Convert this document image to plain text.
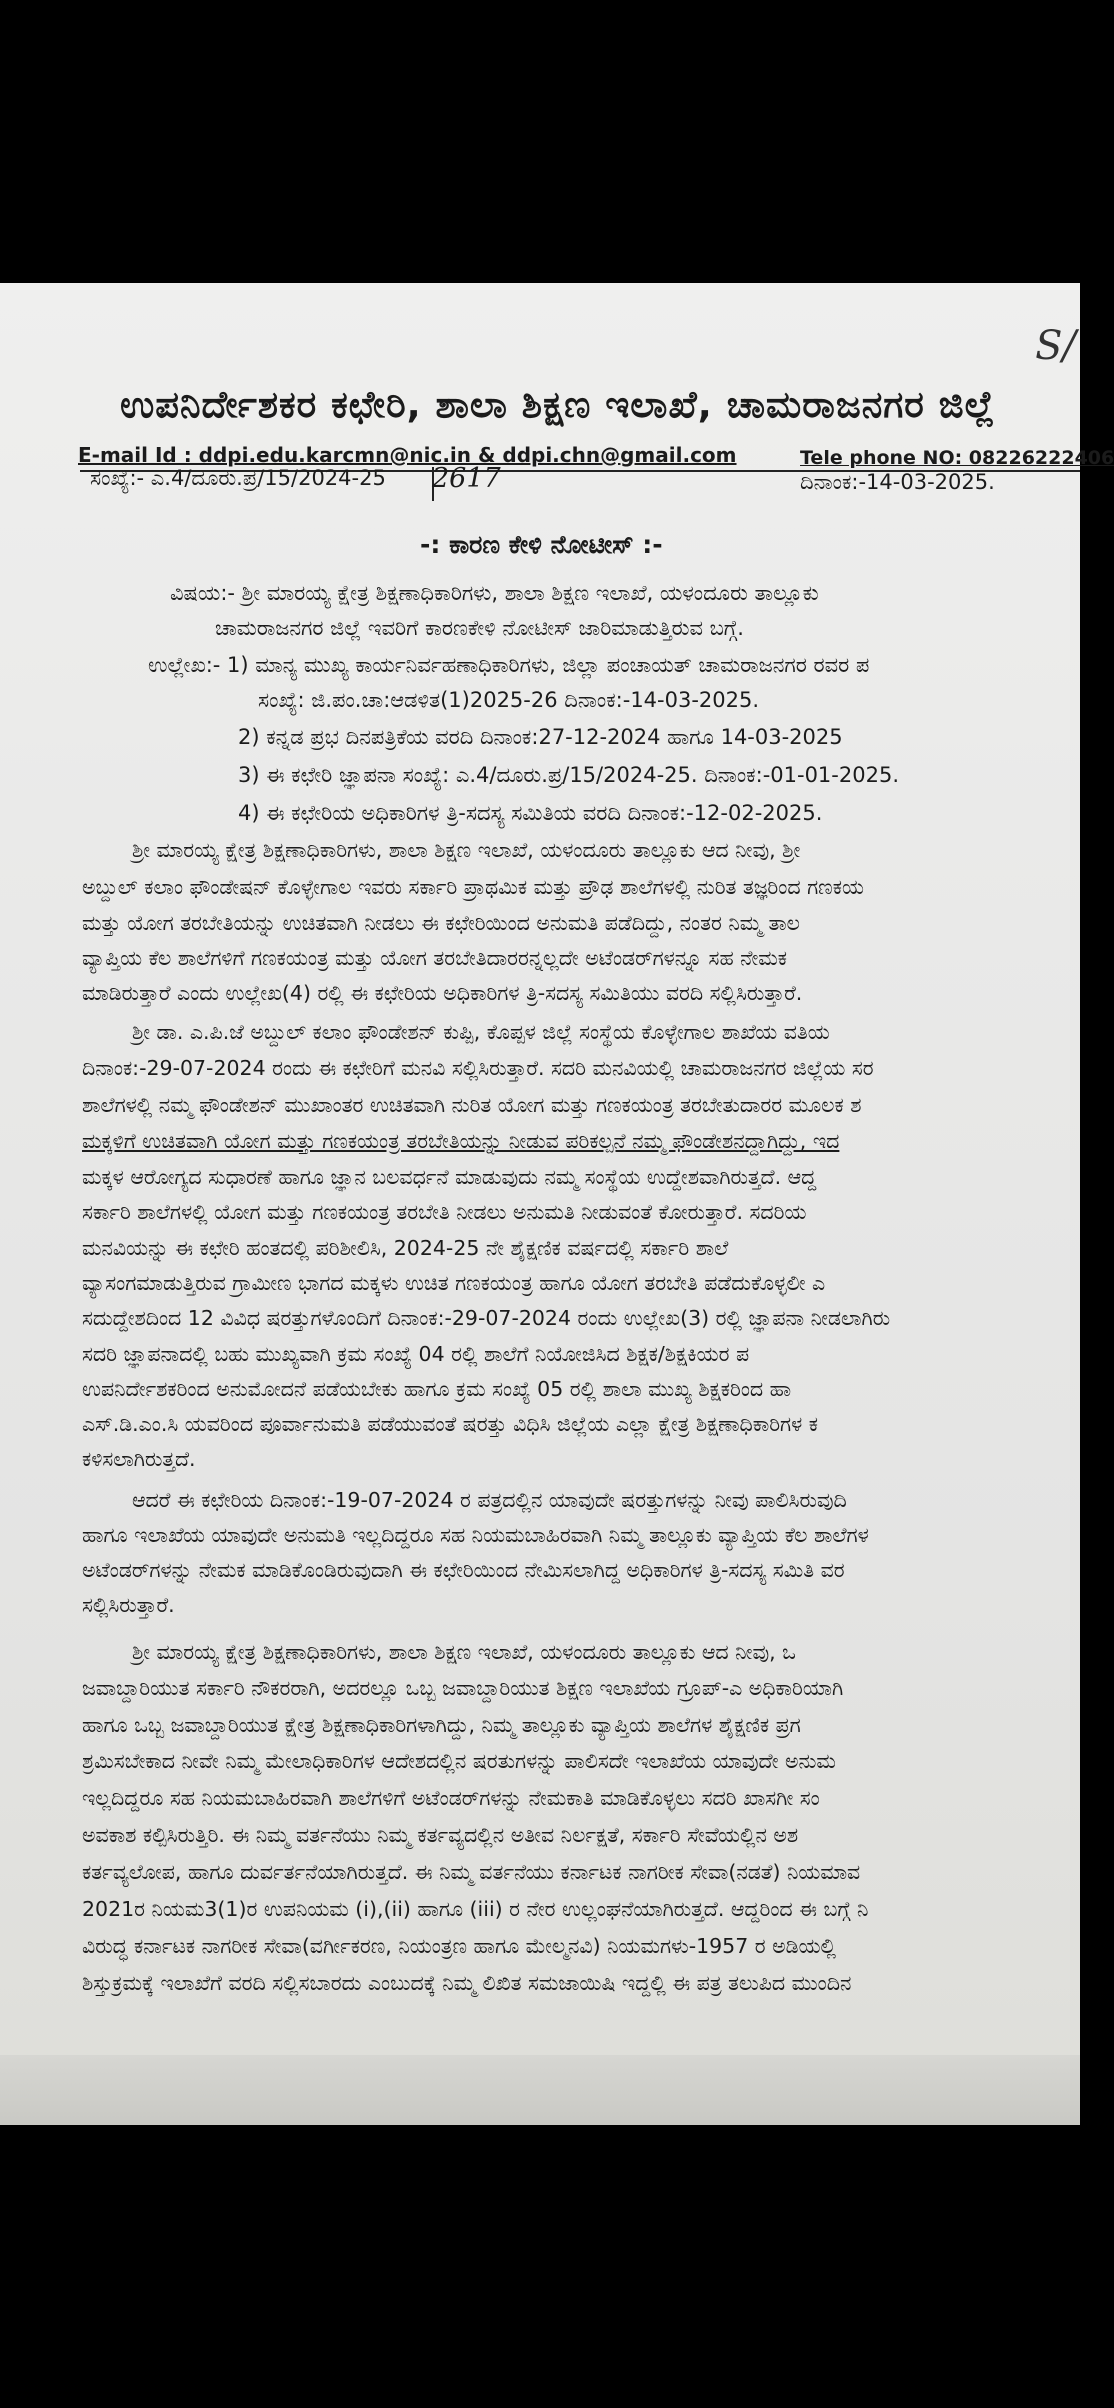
S/
ಉಪನಿರ್ದೇಶಕರ ಕಛೇರಿ, ಶಾಲಾ ಶಿಕ್ಷಣ ಇಲಾಖೆ, ಚಾಮರಾಜನಗರ ಜಿಲ್ಲೆ
E-mail Id : ddpi.edu.karcmn@nic.in & ddpi.chn@gmail.com	Tele phone NO: 08226222406
ಸಂಖ್ಯೆ:- ಎ.4/ದೂರು.ಪ್ರ/15/2024-25 2617	ದಿನಾಂಕ:-14-03-2025.
-: ಕಾರಣ ಕೇಳಿ ನೋಟೀಸ್ :-
ವಿಷಯ:- ಶ್ರೀ ಮಾರಯ್ಯ ಕ್ಷೇತ್ರ ಶಿಕ್ಷಣಾಧಿಕಾರಿಗಳು, ಶಾಲಾ ಶಿಕ್ಷಣ ಇಲಾಖೆ, ಯಳಂದೂರು ತಾಲ್ಲೂಕು
ಚಾಮರಾಜನಗರ ಜಿಲ್ಲೆ ಇವರಿಗೆ ಕಾರಣಕೇಳಿ ನೋಟೀಸ್ ಜಾರಿಮಾಡುತ್ತಿರುವ ಬಗ್ಗೆ.
ಉಲ್ಲೇಖ:- 1) ಮಾನ್ಯ ಮುಖ್ಯ ಕಾರ್ಯನಿರ್ವಹಣಾಧಿಕಾರಿಗಳು, ಜಿಲ್ಲಾ ಪಂಚಾಯತ್ ಚಾಮರಾಜನಗರ ರವರ ಪ
ಸಂಖ್ಯೆ: ಜಿ.ಪಂ.ಚಾ:ಆಡಳಿತ(1)2025-26 ದಿನಾಂಕ:-14-03-2025.
2) ಕನ್ನಡ ಪ್ರಭ ದಿನಪತ್ರಿಕೆಯ ವರದಿ ದಿನಾಂಕ:27-12-2024 ಹಾಗೂ 14-03-2025
3) ಈ ಕಛೇರಿ ಜ್ಞಾಪನಾ ಸಂಖ್ಯೆ: ಎ.4/ದೂರು.ಪ್ರ/15/2024-25. ದಿನಾಂಕ:-01-01-2025.
4) ಈ ಕಛೇರಿಯ ಅಧಿಕಾರಿಗಳ ತ್ರಿ-ಸದಸ್ಯ ಸಮಿತಿಯ ವರದಿ ದಿನಾಂಕ:-12-02-2025.
ಶ್ರೀ ಮಾರಯ್ಯ ಕ್ಷೇತ್ರ ಶಿಕ್ಷಣಾಧಿಕಾರಿಗಳು, ಶಾಲಾ ಶಿಕ್ಷಣ ಇಲಾಖೆ, ಯಳಂದೂರು ತಾಲ್ಲೂಕು ಆದ ನೀವು, ಶ್ರೀ
ಅಬ್ದುಲ್ ಕಲಾಂ ಫೌಂಡೇಷನ್ ಕೊಳ್ಳೇಗಾಲ ಇವರು ಸರ್ಕಾರಿ ಪ್ರಾಥಮಿಕ ಮತ್ತು ಪ್ರೌಢ ಶಾಲೆಗಳಲ್ಲಿ ನುರಿತ ತಜ್ಞರಿಂದ ಗಣಕಯ
ಮತ್ತು ಯೋಗ ತರಬೇತಿಯನ್ನು ಉಚಿತವಾಗಿ ನೀಡಲು ಈ ಕಛೇರಿಯಿಂದ ಅನುಮತಿ ಪಡೆದಿದ್ದು, ನಂತರ ನಿಮ್ಮ ತಾಲ
ವ್ಯಾಪ್ತಿಯ ಕೆಲ ಶಾಲೆಗಳಿಗೆ ಗಣಕಯಂತ್ರ ಮತ್ತು ಯೋಗ ತರಬೇತಿದಾರರನ್ನಲ್ಲದೇ ಅಟೆಂಡರ್‌ಗಳನ್ನೂ ಸಹ ನೇಮಕ
ಮಾಡಿರುತ್ತಾರೆ ಎಂದು ಉಲ್ಲೇಖ(4) ರಲ್ಲಿ ಈ ಕಛೇರಿಯ ಅಧಿಕಾರಿಗಳ ತ್ರಿ-ಸದಸ್ಯ ಸಮಿತಿಯು ವರದಿ ಸಲ್ಲಿಸಿರುತ್ತಾರೆ.
ಶ್ರೀ ಡಾ. ಎ.ಪಿ.ಜೆ ಅಬ್ದುಲ್ ಕಲಾಂ ಫೌಂಡೇಶನ್ ಕುಪ್ಪಿ, ಕೊಪ್ಪಳ ಜಿಲ್ಲೆ ಸಂಸ್ಥೆಯ ಕೊಳ್ಳೇಗಾಲ ಶಾಖೆಯ ವತಿಯ
ದಿನಾಂಕ:-29-07-2024 ರಂದು ಈ ಕಛೇರಿಗೆ ಮನವಿ ಸಲ್ಲಿಸಿರುತ್ತಾರೆ. ಸದರಿ ಮನವಿಯಲ್ಲಿ ಚಾಮರಾಜನಗರ ಜಿಲ್ಲೆಯ ಸರ
ಶಾಲೆಗಳಲ್ಲಿ ನಮ್ಮ ಫೌಂಡೇಶನ್ ಮುಖಾಂತರ ಉಚಿತವಾಗಿ ನುರಿತ ಯೋಗ ಮತ್ತು ಗಣಕಯಂತ್ರ ತರಬೇತುದಾರರ ಮೂಲಕ ಶ
ಮಕ್ಕಳಿಗೆ ಉಚಿತವಾಗಿ ಯೋಗ ಮತ್ತು ಗಣಕಯಂತ್ರ ತರಬೇತಿಯನ್ನು ನೀಡುವ ಪರಿಕಲ್ಪನೆ ನಮ್ಮ ಫೌಂಡೇಶನದ್ದಾಗಿದ್ದು, ಇದ
ಮಕ್ಕಳ ಆರೋಗ್ಯದ ಸುಧಾರಣೆ ಹಾಗೂ ಜ್ಞಾನ ಬಲವರ್ಧನೆ ಮಾಡುವುದು ನಮ್ಮ ಸಂಸ್ಥೆಯ ಉದ್ದೇಶವಾಗಿರುತ್ತದೆ. ಆದ್ದ
ಸರ್ಕಾರಿ ಶಾಲೆಗಳಲ್ಲಿ ಯೋಗ ಮತ್ತು ಗಣಕಯಂತ್ರ ತರಬೇತಿ ನೀಡಲು ಅನುಮತಿ ನೀಡುವಂತೆ ಕೋರುತ್ತಾರೆ. ಸದರಿಯ
ಮನವಿಯನ್ನು ಈ ಕಛೇರಿ ಹಂತದಲ್ಲಿ ಪರಿಶೀಲಿಸಿ, 2024-25 ನೇ ಶೈಕ್ಷಣಿಕ ವರ್ಷದಲ್ಲಿ ಸರ್ಕಾರಿ ಶಾಲೆ
ವ್ಯಾಸಂಗಮಾಡುತ್ತಿರುವ ಗ್ರಾಮೀಣ ಭಾಗದ ಮಕ್ಕಳು ಉಚಿತ ಗಣಕಯಂತ್ರ ಹಾಗೂ ಯೋಗ ತರಬೇತಿ ಪಡೆದುಕೊಳ್ಳಲೀ ಎ
ಸದುದ್ದೇಶದಿಂದ 12 ವಿವಿಧ ಷರತ್ತುಗಳೊಂದಿಗೆ ದಿನಾಂಕ:-29-07-2024 ರಂದು ಉಲ್ಲೇಖ(3) ರಲ್ಲಿ ಜ್ಞಾಪನಾ ನೀಡಲಾಗಿರು
ಸದರಿ ಜ್ಞಾಪನಾದಲ್ಲಿ ಬಹು ಮುಖ್ಯವಾಗಿ ಕ್ರಮ ಸಂಖ್ಯೆ 04 ರಲ್ಲಿ ಶಾಲೆಗೆ ನಿಯೋಜಿಸಿದ ಶಿಕ್ಷಕ/ಶಿಕ್ಷಕಿಯರ ಪ
ಉಪನಿರ್ದೇಶಕರಿಂದ ಅನುಮೋದನೆ ಪಡೆಯಬೇಕು ಹಾಗೂ ಕ್ರಮ ಸಂಖ್ಯೆ 05 ರಲ್ಲಿ ಶಾಲಾ ಮುಖ್ಯ ಶಿಕ್ಷಕರಿಂದ ಹಾ
ಎಸ್.ಡಿ.ಎಂ.ಸಿ ಯವರಿಂದ ಪೂರ್ವಾನುಮತಿ ಪಡೆಯುವಂತೆ ಷರತ್ತು ವಿಧಿಸಿ ಜಿಲ್ಲೆಯ ಎಲ್ಲಾ ಕ್ಷೇತ್ರ ಶಿಕ್ಷಣಾಧಿಕಾರಿಗಳ ಕ
ಕಳಿಸಲಾಗಿರುತ್ತದೆ.
ಆದರೆ ಈ ಕಛೇರಿಯ ದಿನಾಂಕ:-19-07-2024 ರ ಪತ್ರದಲ್ಲಿನ ಯಾವುದೇ ಷರತ್ತುಗಳನ್ನು ನೀವು ಪಾಲಿಸಿರುವುದಿ
ಹಾಗೂ ಇಲಾಖೆಯ ಯಾವುದೇ ಅನುಮತಿ ಇಲ್ಲದಿದ್ದರೂ ಸಹ ನಿಯಮಬಾಹಿರವಾಗಿ ನಿಮ್ಮ ತಾಲ್ಲೂಕು ವ್ಯಾಪ್ತಿಯ ಕೆಲ ಶಾಲೆಗಳ
ಅಟೆಂಡರ್‌ಗಳನ್ನು ನೇಮಕ ಮಾಡಿಕೊಂಡಿರುವುದಾಗಿ ಈ ಕಛೇರಿಯಿಂದ ನೇಮಿಸಲಾಗಿದ್ದ ಅಧಿಕಾರಿಗಳ ತ್ರಿ-ಸದಸ್ಯ ಸಮಿತಿ ವರ
ಸಲ್ಲಿಸಿರುತ್ತಾರೆ.
ಶ್ರೀ ಮಾರಯ್ಯ ಕ್ಷೇತ್ರ ಶಿಕ್ಷಣಾಧಿಕಾರಿಗಳು, ಶಾಲಾ ಶಿಕ್ಷಣ ಇಲಾಖೆ, ಯಳಂದೂರು ತಾಲ್ಲೂಕು ಆದ ನೀವು, ಒ
ಜವಾಬ್ದಾರಿಯುತ ಸರ್ಕಾರಿ ನೌಕರರಾಗಿ, ಅದರಲ್ಲೂ ಒಬ್ಬ ಜವಾಬ್ದಾರಿಯುತ ಶಿಕ್ಷಣ ಇಲಾಖೆಯ ಗ್ರೂಪ್-ಎ ಅಧಿಕಾರಿಯಾಗಿ
ಹಾಗೂ ಒಬ್ಬ ಜವಾಬ್ದಾರಿಯುತ ಕ್ಷೇತ್ರ ಶಿಕ್ಷಣಾಧಿಕಾರಿಗಳಾಗಿದ್ದು, ನಿಮ್ಮ ತಾಲ್ಲೂಕು ವ್ಯಾಪ್ತಿಯ ಶಾಲೆಗಳ ಶೈಕ್ಷಣಿಕ ಪ್ರಗ
ಶ್ರಮಿಸಬೇಕಾದ ನೀವೇ ನಿಮ್ಮ ಮೇಲಾಧಿಕಾರಿಗಳ ಆದೇಶದಲ್ಲಿನ ಷರತುಗಳನ್ನು ಪಾಲಿಸದೇ ಇಲಾಖೆಯ ಯಾವುದೇ ಅನುಮ
ಇಲ್ಲದಿದ್ದರೂ ಸಹ ನಿಯಮಬಾಹಿರವಾಗಿ ಶಾಲೆಗಳಿಗೆ ಅಟೆಂಡರ್‌ಗಳನ್ನು ನೇಮಕಾತಿ ಮಾಡಿಕೊಳ್ಳಲು ಸದರಿ ಖಾಸಗೀ ಸಂ
ಅವಕಾಶ ಕಲ್ಪಿಸಿರುತ್ತಿರಿ. ಈ ನಿಮ್ಮ ವರ್ತನೆಯು ನಿಮ್ಮ ಕರ್ತವ್ಯದಲ್ಲಿನ ಅತೀವ ನಿರ್ಲಕ್ಷತೆ, ಸರ್ಕಾರಿ ಸೇವೆಯಲ್ಲಿನ ಅಶ
ಕರ್ತವ್ಯಲೋಪ, ಹಾಗೂ ದುರ್ವರ್ತನೆಯಾಗಿರುತ್ತದೆ. ಈ ನಿಮ್ಮ ವರ್ತನೆಯು ಕರ್ನಾಟಕ ನಾಗರೀಕ ಸೇವಾ(ನಡತೆ) ನಿಯಮಾವ
2021ರ ನಿಯಮ3(1)ರ ಉಪನಿಯಮ (i),(ii) ಹಾಗೂ (iii) ರ ನೇರ ಉಲ್ಲಂಘನೆಯಾಗಿರುತ್ತದೆ. ಆದ್ದರಿಂದ ಈ ಬಗ್ಗೆ ನಿ
ವಿರುದ್ಧ ಕರ್ನಾಟಕ ನಾಗರೀಕ ಸೇವಾ(ವರ್ಗೀಕರಣ, ನಿಯಂತ್ರಣ ಹಾಗೂ ಮೇಲ್ಮನವಿ) ನಿಯಮಗಳು-1957 ರ ಅಡಿಯಲ್ಲಿ
ಶಿಸ್ತುಕ್ರಮಕ್ಕೆ ಇಲಾಖೆಗೆ ವರದಿ ಸಲ್ಲಿಸಬಾರದು ಎಂಬುದಕ್ಕೆ ನಿಮ್ಮ ಲಿಖಿತ ಸಮಜಾಯಿಷಿ ಇದ್ದಲ್ಲಿ ಈ ಪತ್ರ ತಲುಪಿದ ಮುಂದಿನ
